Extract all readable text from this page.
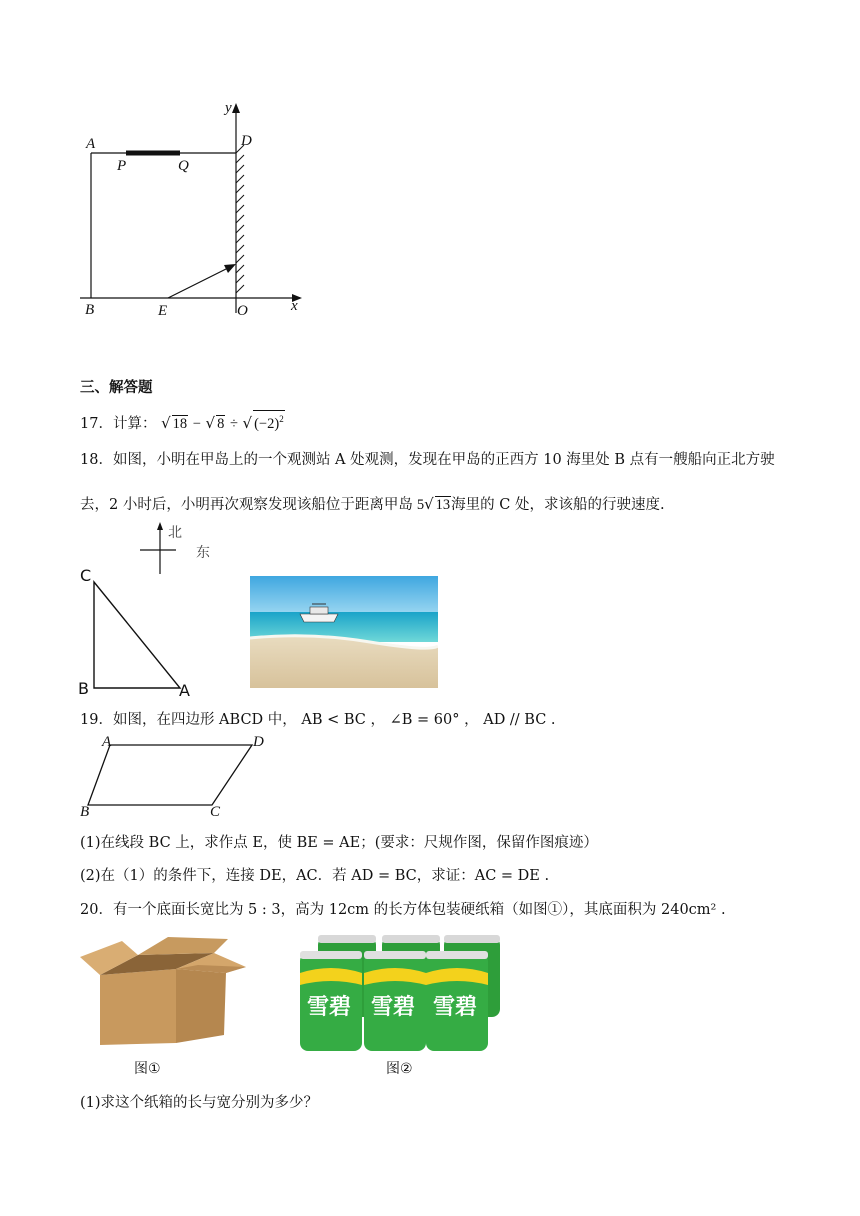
A
P	Q
D
y
B	E	O	x
三、解答题
17．计算： √ 18 − √ 8 ÷ √ $(-2)^2$
18．如图，小明在甲岛上的一个观测站 A 处观测，发现在甲岛的正西方 10 海里处 B 点有一艘船向正北方驶
去，2 小时后，小明再次观察发现该船位于距离甲岛 5√ 13海里的 C 处，求该船的行驶速度.
北
东
C
B	A
19．如图，在四边形 ABCD 中， AB < BC ， ∠B = 60° ， AD // BC .
A	D
B	C
(1)在线段 BC 上，求作点 E，使 BE = AE；(要求：尺规作图，保留作图痕迹）
(2)在（1）的条件下，连接 DE，AC．若 AD = BC，求证：AC = DE .
20．有一个底面长宽比为 5 : 3，高为 12cm 的长方体包装硬纸箱（如图①），其底面积为 240cm² .
图①
雪碧 雪碧 雪碧
图②
(1)求这个纸箱的长与宽分别为多少？
